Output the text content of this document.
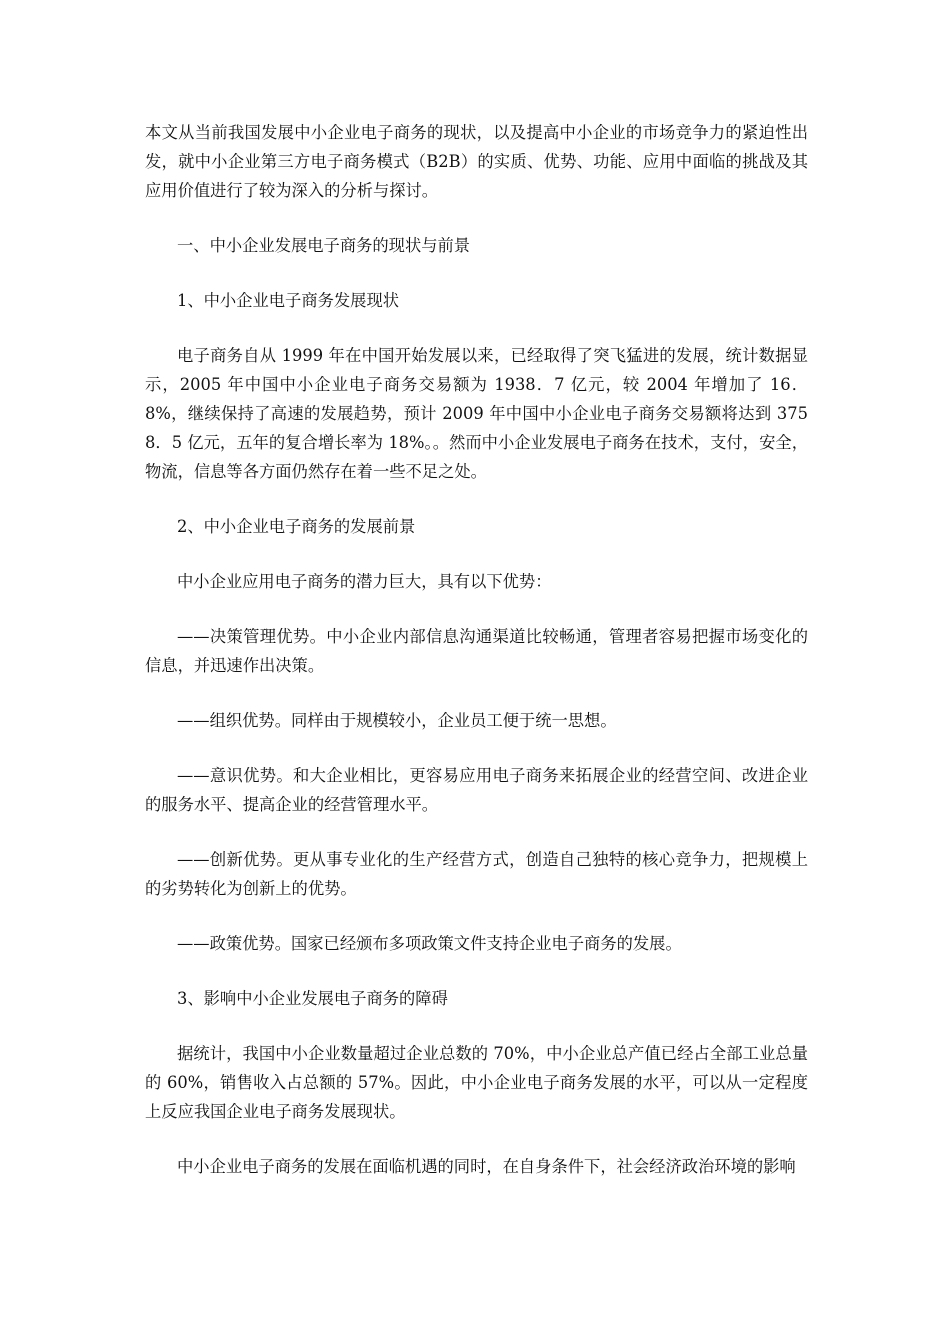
本文从当前我国发展中小企业电子商务的现状，以及提高中小企业的市场竞争力的紧迫性出发，就中小企业第三方电子商务模式（B2B）的实质、优势、功能、应用中面临的挑战及其应用价值进行了较为深入的分析与探讨。

一、中小企业发展电子商务的现状与前景

1、中小企业电子商务发展现状

电子商务自从 1999 年在中国开始发展以来，已经取得了突飞猛进的发展，统计数据显示，2005 年中国中小企业电子商务交易额为 1938．7 亿元，较 2004 年增加了 16．8%，继续保持了高速的发展趋势，预计 2009 年中国中小企业电子商务交易额将达到 3758．5 亿元，五年的复合增长率为 18%。。然而中小企业发展电子商务在技术，支付，安全，物流，信息等各方面仍然存在着一些不足之处。

2、中小企业电子商务的发展前景

中小企业应用电子商务的潜力巨大，具有以下优势：

——决策管理优势。中小企业内部信息沟通渠道比较畅通，管理者容易把握市场变化的信息，并迅速作出决策。

——组织优势。同样由于规模较小，企业员工便于统一思想。

——意识优势。和大企业相比，更容易应用电子商务来拓展企业的经营空间、改进企业的服务水平、提高企业的经营管理水平。

——创新优势。更从事专业化的生产经营方式，创造自己独特的核心竞争力，把规模上的劣势转化为创新上的优势。

——政策优势。国家已经颁布多项政策文件支持企业电子商务的发展。

3、影响中小企业发展电子商务的障碍

据统计，我国中小企业数量超过企业总数的 70%，中小企业总产值已经占全部工业总量的 60%，销售收入占总额的 57%。因此，中小企业电子商务发展的水平，可以从一定程度上反应我国企业电子商务发展现状。

中小企业电子商务的发展在面临机遇的同时，在自身条件下，社会经济政治环境的影响
